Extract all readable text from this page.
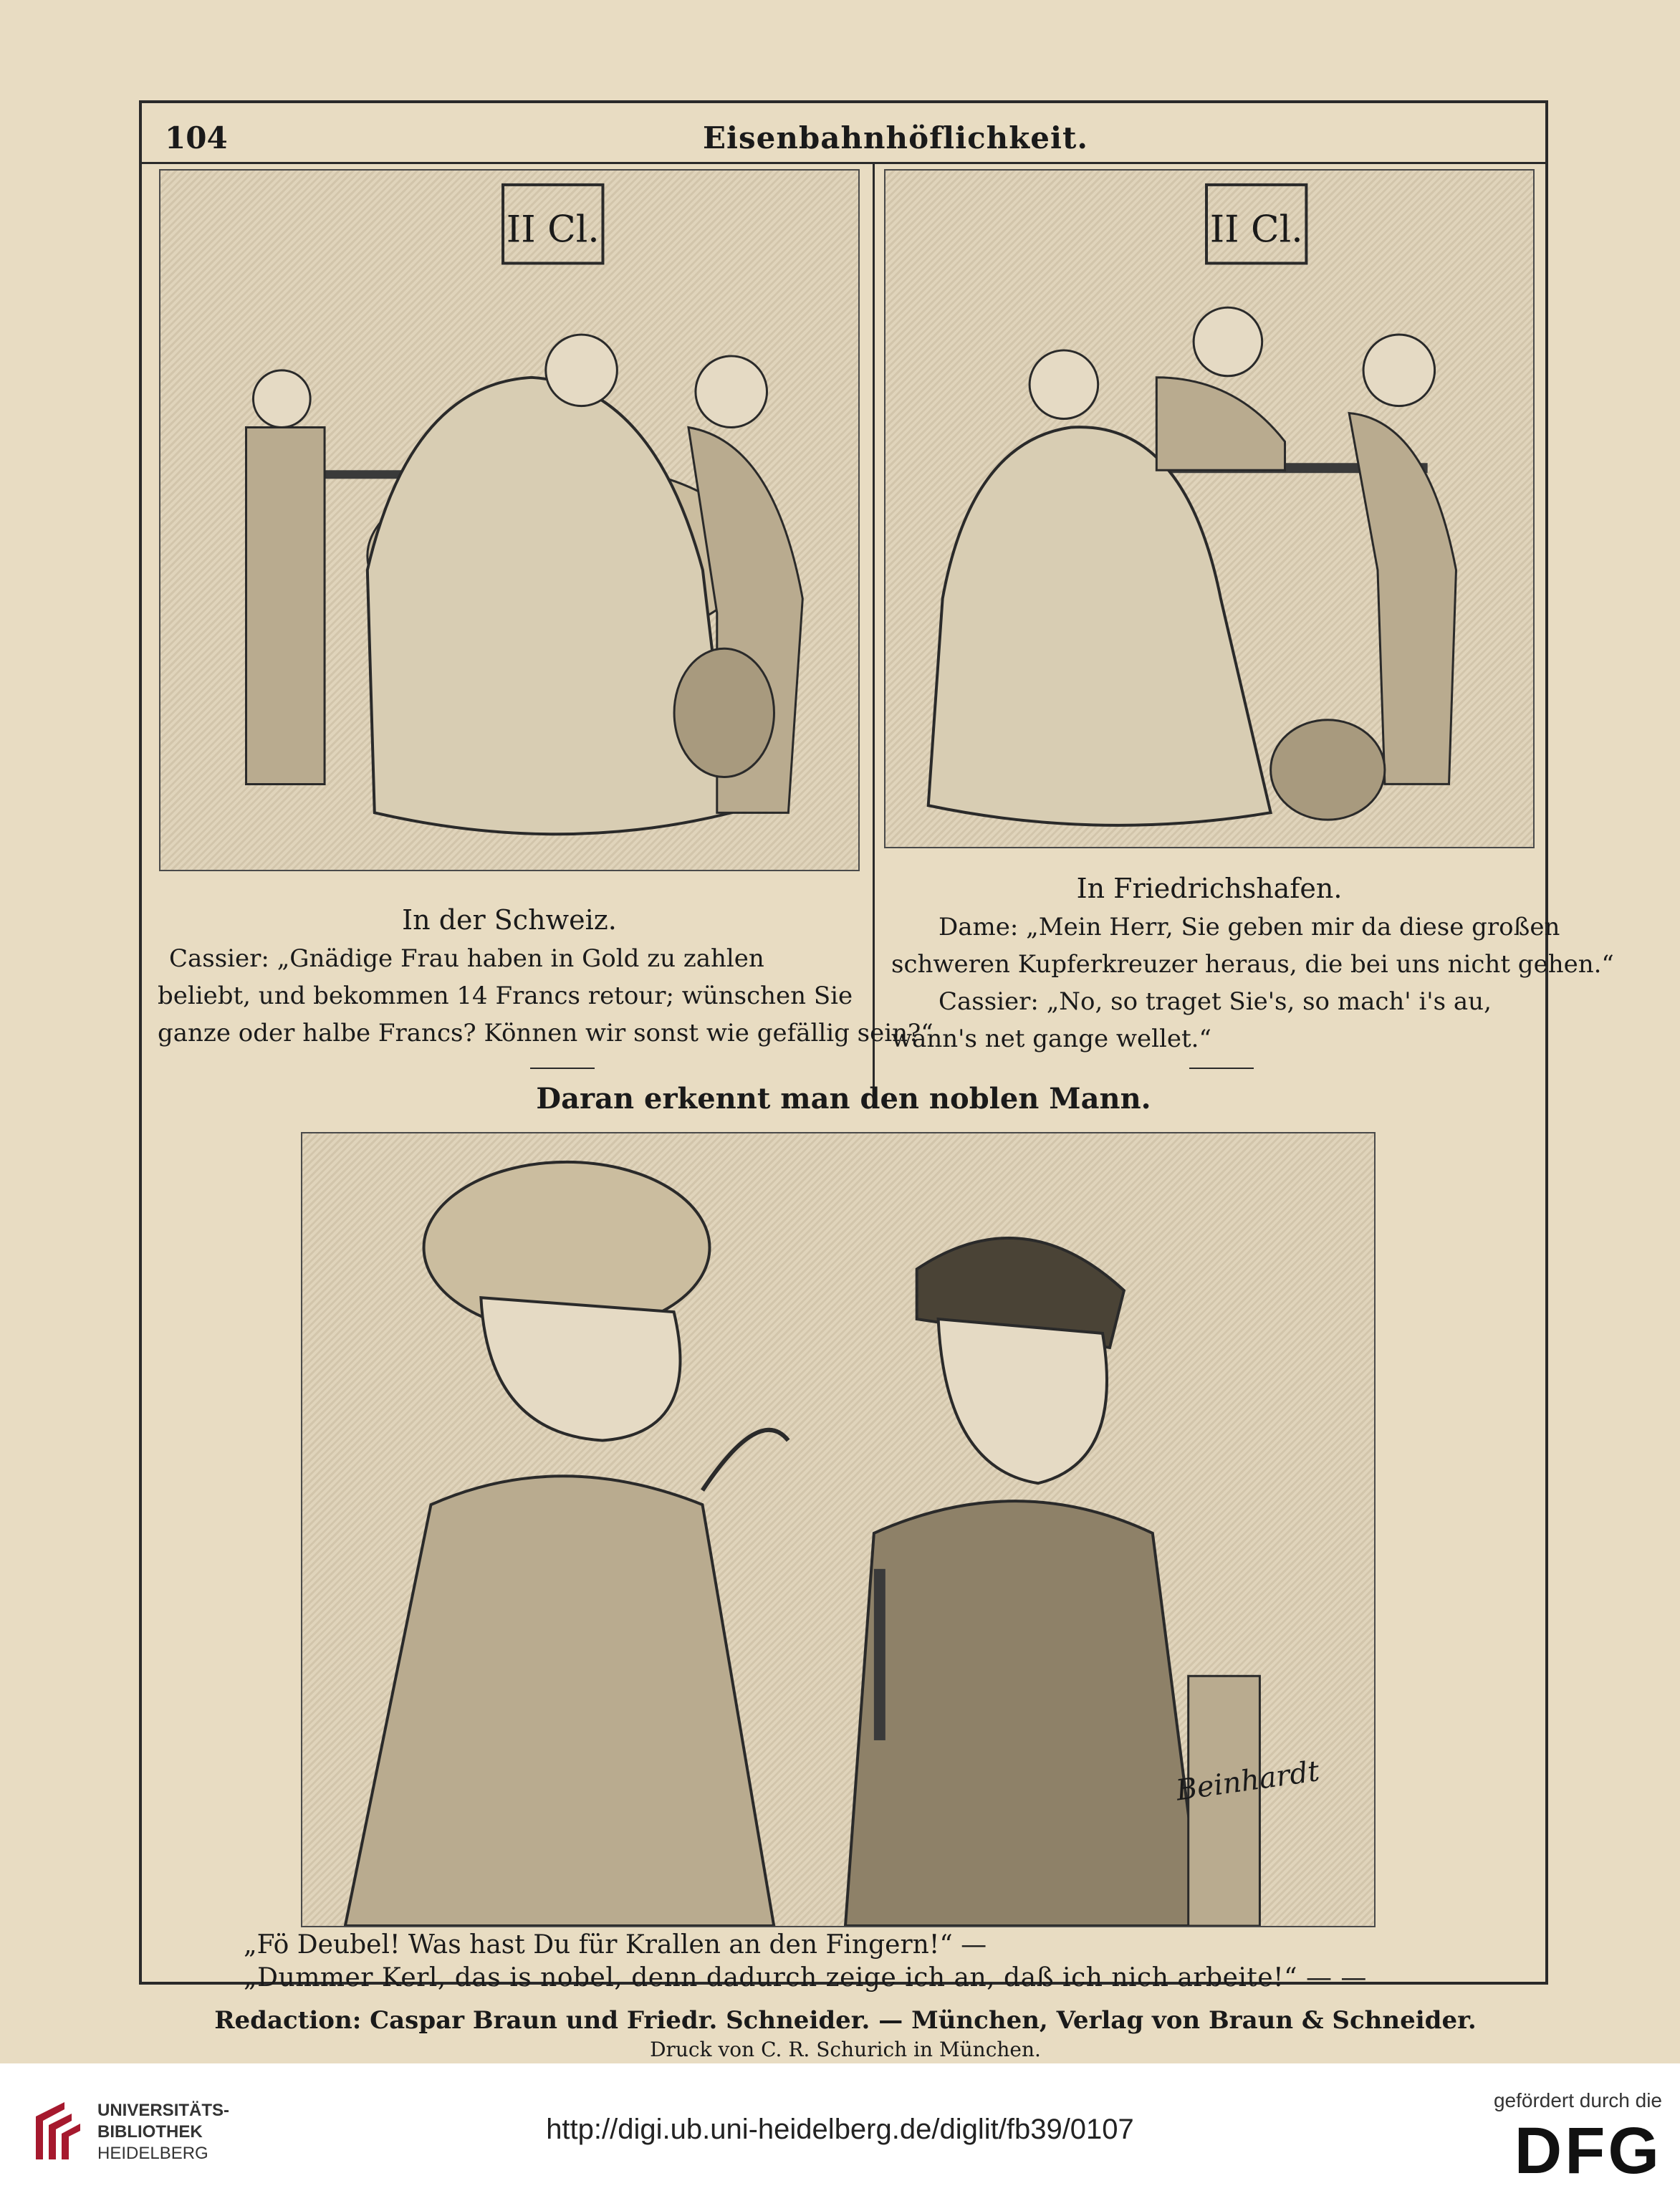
104	Eisenbahnhöflichkeit.
II Cl.	II Cl.
In der Schweiz.
Cassier: „Gnädige Frau haben in Gold zu zahlen
beliebt, und bekommen 14 Francs retour; wünschen Sie
ganze oder halbe Francs? Können wir sonst wie gefällig sein?“
In Friedrichshafen.
Dame: „Mein Herr, Sie geben mir da diese großen
schweren Kupferkreuzer heraus, die bei uns nicht gehen.“
Cassier: „No, so traget Sie's, so mach' i's au,
wann's net gange wellet.“
Daran erkennt man den noblen Mann.
Beinhardt
„Fö Deubel! Was hast Du für Krallen an den Fingern!“ —
„Dummer Kerl, das is nobel, denn dadurch zeige ich an, daß ich nich arbeite!“ — —
Redaction: Caspar Braun und Friedr. Schneider. — München, Verlag von Braun & Schneider.
Druck von C. R. Schurich in München.
UNIVERSITÄTS-
BIBLIOTHEK
HEIDELBERG
http://digi.ub.uni-heidelberg.de/diglit/fb39/0107
gefördert durch die
DFG
